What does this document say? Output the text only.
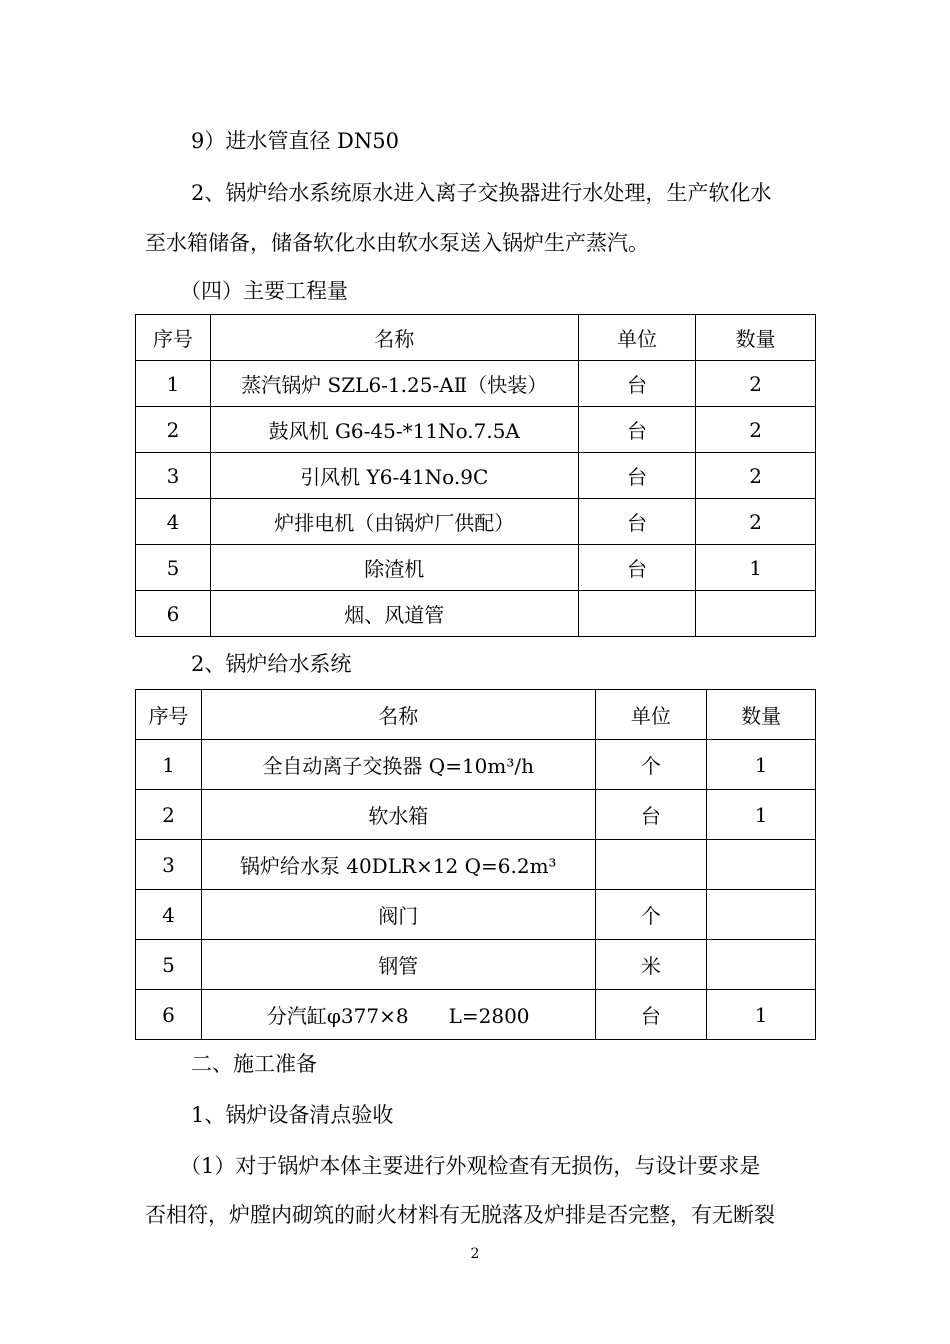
9）进水管直径 DN50
2、锅炉给水系统原水进入离子交换器进行水处理，生产软化水
至水箱储备，储备软化水由软水泵送入锅炉生产蒸汽。
（四）主要工程量
序号	名称	单位	数量
1	蒸汽锅炉 SZL6-1.25-AⅡ（快装）	台	2
2	鼓风机 G6-45-*11No.7.5A	台	2
3	引风机 Y6-41No.9C	台	2
4	炉排电机（由锅炉厂供配）	台	2
5	除渣机	台	1
6	烟、风道管		
2、锅炉给水系统
序号	名称	单位	数量
1	全自动离子交换器 Q=10m³/h	个	1
2	软水箱	台	1
3	锅炉给水泵 40DLR×12 Q=6.2m³		
4	阀门	个	
5	钢管	米	
6	分汽缸φ377×8　　L=2800	台	1
二、施工准备
1、锅炉设备清点验收
（1）对于锅炉本体主要进行外观检查有无损伤，与设计要求是
否相符，炉膛内砌筑的耐火材料有无脱落及炉排是否完整，有无断裂
2
